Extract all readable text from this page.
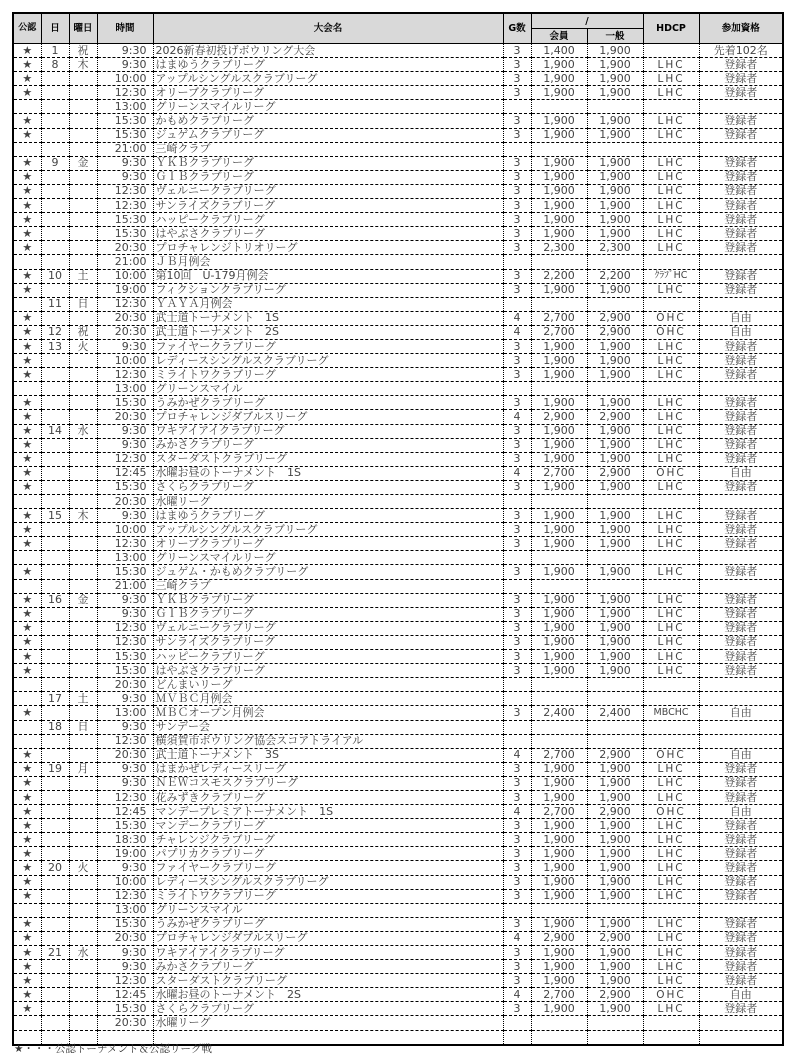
公認	日	曜日	時間	大会名	G数	/		HDCP	参加資格
						会員	一般		
★	1	祝	9:30	2026新春初投げボウリング大会	3	1,400	1,900		先着102名
★	8	木	9:30	はまゆうクラブリーグ	3	1,900	1,900	LHC	登録者
★			10:00	アップルシングルスクラブリーグ	3	1,900	1,900	LHC	登録者
★			12:30	オリーブクラブリーグ	3	1,900	1,900	LHC	登録者
			13:00	グリーンスマイルリーグ					
★			15:30	かもめクラブリーグ	3	1,900	1,900	LHC	登録者
★			15:30	ジュゲムクラブリーグ	3	1,900	1,900	LHC	登録者
			21:00	三崎クラブ					
★	9	金	9:30	ＹＫＢクラブリーグ	3	1,900	1,900	LHC	登録者
★			9:30	ＧＩＢクラブリーグ	3	1,900	1,900	LHC	登録者
★			12:30	ヴェルニークラブリーグ	3	1,900	1,900	LHC	登録者
★			12:30	サンライズクラブリーグ	3	1,900	1,900	LHC	登録者
★			15:30	ハッピークラブリーグ	3	1,900	1,900	LHC	登録者
★			15:30	はやぶさクラブリーグ	3	1,900	1,900	LHC	登録者
★			20:30	プロチャレンジトリオリーグ	3	2,300	2,300	LHC	登録者
			21:00	ＪＢ月例会					
★	10	土	10:00	第10回　U-179月例会	3	2,200	2,200	ｸﾗﾌﾞHC	登録者
★			19:00	フィクションクラブリーグ	3	1,900	1,900	LHC	登録者
	11	日	12:30	ＹＡＹＡ月例会					
★			20:30	武士道トーナメント　1S	4	2,700	2,900	OHC	自由
★	12	祝	20:30	武士道トーナメント　2S	4	2,700	2,900	OHC	自由
★	13	火	9:30	ファイヤークラブリーグ	3	1,900	1,900	LHC	登録者
★			10:00	レディースシングルスクラブリーグ	3	1,900	1,900	LHC	登録者
★			12:30	ミライトワクラブリーグ	3	1,900	1,900	LHC	登録者
			13:00	グリーンスマイル					
★			15:30	うみかぜクラブリーグ	3	1,900	1,900	LHC	登録者
★			20:30	プロチャレンジダブルスリーグ	4	2,900	2,900	LHC	登録者
★	14	水	9:30	ワキアイアイクラブリーグ	3	1,900	1,900	LHC	登録者
★			9:30	みかさクラブリーグ	3	1,900	1,900	LHC	登録者
★			12:30	スターダストクラブリーグ	3	1,900	1,900	LHC	登録者
★			12:45	水曜お昼のトーナメント　1S	4	2,700	2,900	OHC	自由
★			15:30	さくらクラブリーグ	3	1,900	1,900	LHC	登録者
			20:30	水曜リーグ					
★	15	木	9:30	はまゆうクラブリーグ	3	1,900	1,900	LHC	登録者
★			10:00	アップルシングルスクラブリーグ	3	1,900	1,900	LHC	登録者
★			12:30	オリーブクラブリーグ	3	1,900	1,900	LHC	登録者
			13:00	グリーンスマイルリーグ					
★			15:30	ジュゲム・かもめクラブリーグ	3	1,900	1,900	LHC	登録者
			21:00	三崎クラブ					
★	16	金	9:30	ＹＫＢクラブリーグ	3	1,900	1,900	LHC	登録者
★			9:30	ＧＩＢクラブリーグ	3	1,900	1,900	LHC	登録者
★			12:30	ヴェルニークラブリーグ	3	1,900	1,900	LHC	登録者
★			12:30	サンライズクラブリーグ	3	1,900	1,900	LHC	登録者
★			15:30	ハッピークラブリーグ	3	1,900	1,900	LHC	登録者
★			15:30	はやぶさクラブリーグ	3	1,900	1,900	LHC	登録者
			20:30	どんまいリーグ					
	17	土	9:30	ＭＶＢＣ月例会					
★			13:00	ＭＢＣオープン月例会	3	2,400	2,400	MBCHC	自由
	18	日	9:30	サンデー会					
			12:30	横須賀市ボウリング協会スコアトライアル					
★			20:30	武士道トーナメント　3S	4	2,700	2,900	OHC	自由
★	19	月	9:30	はまかぜレディースリーグ	3	1,900	1,900	LHC	登録者
★			9:30	ＮＥＷコスモスクラブリーグ	3	1,900	1,900	LHC	登録者
★			12:30	花みずきクラブリーグ	3	1,900	1,900	LHC	登録者
★			12:45	マンデープレミアトーナメント　1S	4	2,700	2,900	OHC	自由
★			15:30	マンデークラブリーグ	3	1,900	1,900	LHC	登録者
★			18:30	チャレンジクラブリーグ	3	1,900	1,900	LHC	登録者
★			19:00	パプリカクラブリーグ	3	1,900	1,900	LHC	登録者
★	20	火	9:30	ファイヤークラブリーグ	3	1,900	1,900	LHC	登録者
★			10:00	レディースシングルスクラブリーグ	3	1,900	1,900	LHC	登録者
★			12:30	ミライトワクラブリーグ	3	1,900	1,900	LHC	登録者
			13:00	グリーンスマイル					
★			15:30	うみかぜクラブリーグ	3	1,900	1,900	LHC	登録者
★			20:30	プロチャレンジダブルスリーグ	4	2,900	2,900	LHC	登録者
★	21	水	9:30	ワキアイアイクラブリーグ	3	1,900	1,900	LHC	登録者
★			9:30	みかさクラブリーグ	3	1,900	1,900	LHC	登録者
★			12:30	スターダストクラブリーグ	3	1,900	1,900	LHC	登録者
★			12:45	水曜お昼のトーナメント　2S	4	2,700	2,900	OHC	自由
★			15:30	さくらクラブリーグ	3	1,900	1,900	LHC	登録者
			20:30	水曜リーグ					

★・・・公認トーナメント＆公認リーグ戦
